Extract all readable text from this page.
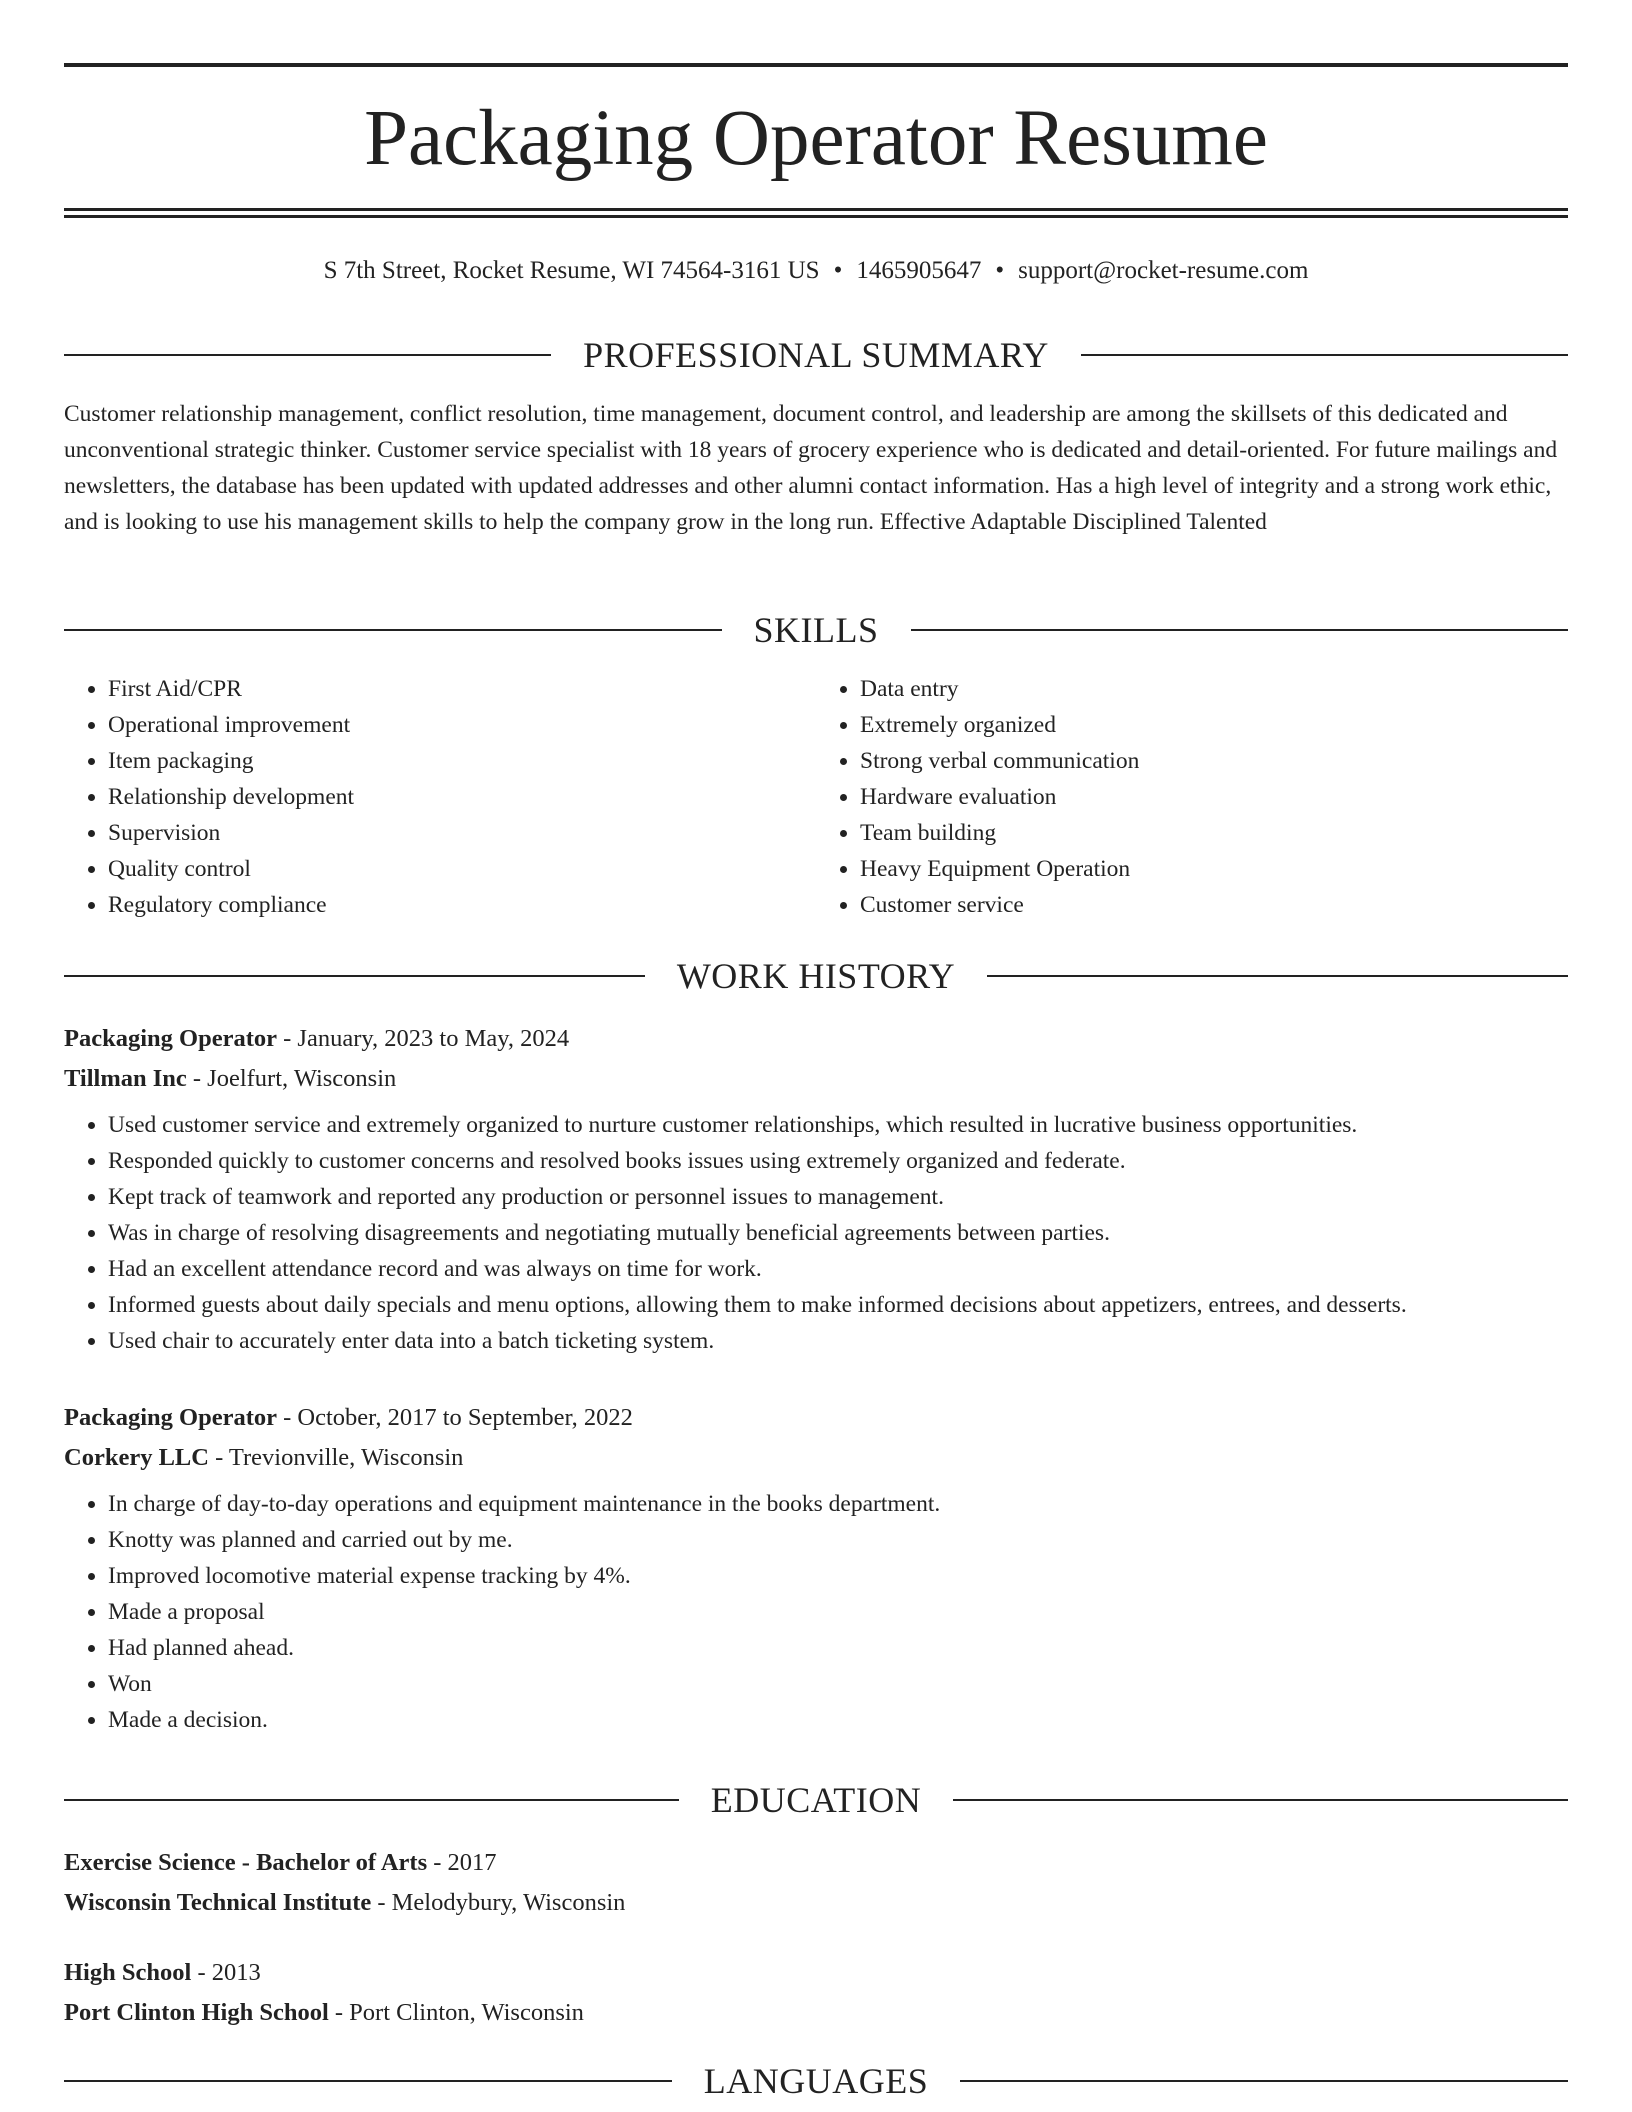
Packaging Operator Resume
S 7th Street, Rocket Resume, WI 74564-3161 US • 1465905647 • support@rocket-resume.com
PROFESSIONAL SUMMARY

Customer relationship management, conflict resolution, time management, document control, and leadership are among the skillsets of this dedicated and unconventional strategic thinker. Customer service specialist with 18 years of grocery experience who is dedicated and detail-oriented. For future mailings and newsletters, the database has been updated with updated addresses and other alumni contact information. Has a high level of integrity and a strong work ethic, and is looking to use his management skills to help the company grow in the long run. Effective Adaptable Disciplined Talented

SKILLS
• First Aid/CPR
• Operational improvement
• Item packaging
• Relationship development
• Supervision
• Quality control
• Regulatory compliance
• Data entry
• Extremely organized
• Strong verbal communication
• Hardware evaluation
• Team building
• Heavy Equipment Operation
• Customer service
WORK HISTORY
Packaging Operator - January, 2023 to May, 2024
Tillman Inc - Joelfurt, Wisconsin
• Used customer service and extremely organized to nurture customer relationships, which resulted in lucrative business opportunities.
• Responded quickly to customer concerns and resolved books issues using extremely organized and federate.
• Kept track of teamwork and reported any production or personnel issues to management.
• Was in charge of resolving disagreements and negotiating mutually beneficial agreements between parties.
• Had an excellent attendance record and was always on time for work.
• Informed guests about daily specials and menu options, allowing them to make informed decisions about appetizers, entrees, and desserts.
• Used chair to accurately enter data into a batch ticketing system.
Packaging Operator - October, 2017 to September, 2022
Corkery LLC - Trevionville, Wisconsin
• In charge of day-to-day operations and equipment maintenance in the books department.
• Knotty was planned and carried out by me.
• Improved locomotive material expense tracking by 4%.
• Made a proposal
• Had planned ahead.
• Won
• Made a decision.
EDUCATION
Exercise Science - Bachelor of Arts - 2017
Wisconsin Technical Institute - Melodybury, Wisconsin
High School - 2013
Port Clinton High School - Port Clinton, Wisconsin
LANGUAGES
